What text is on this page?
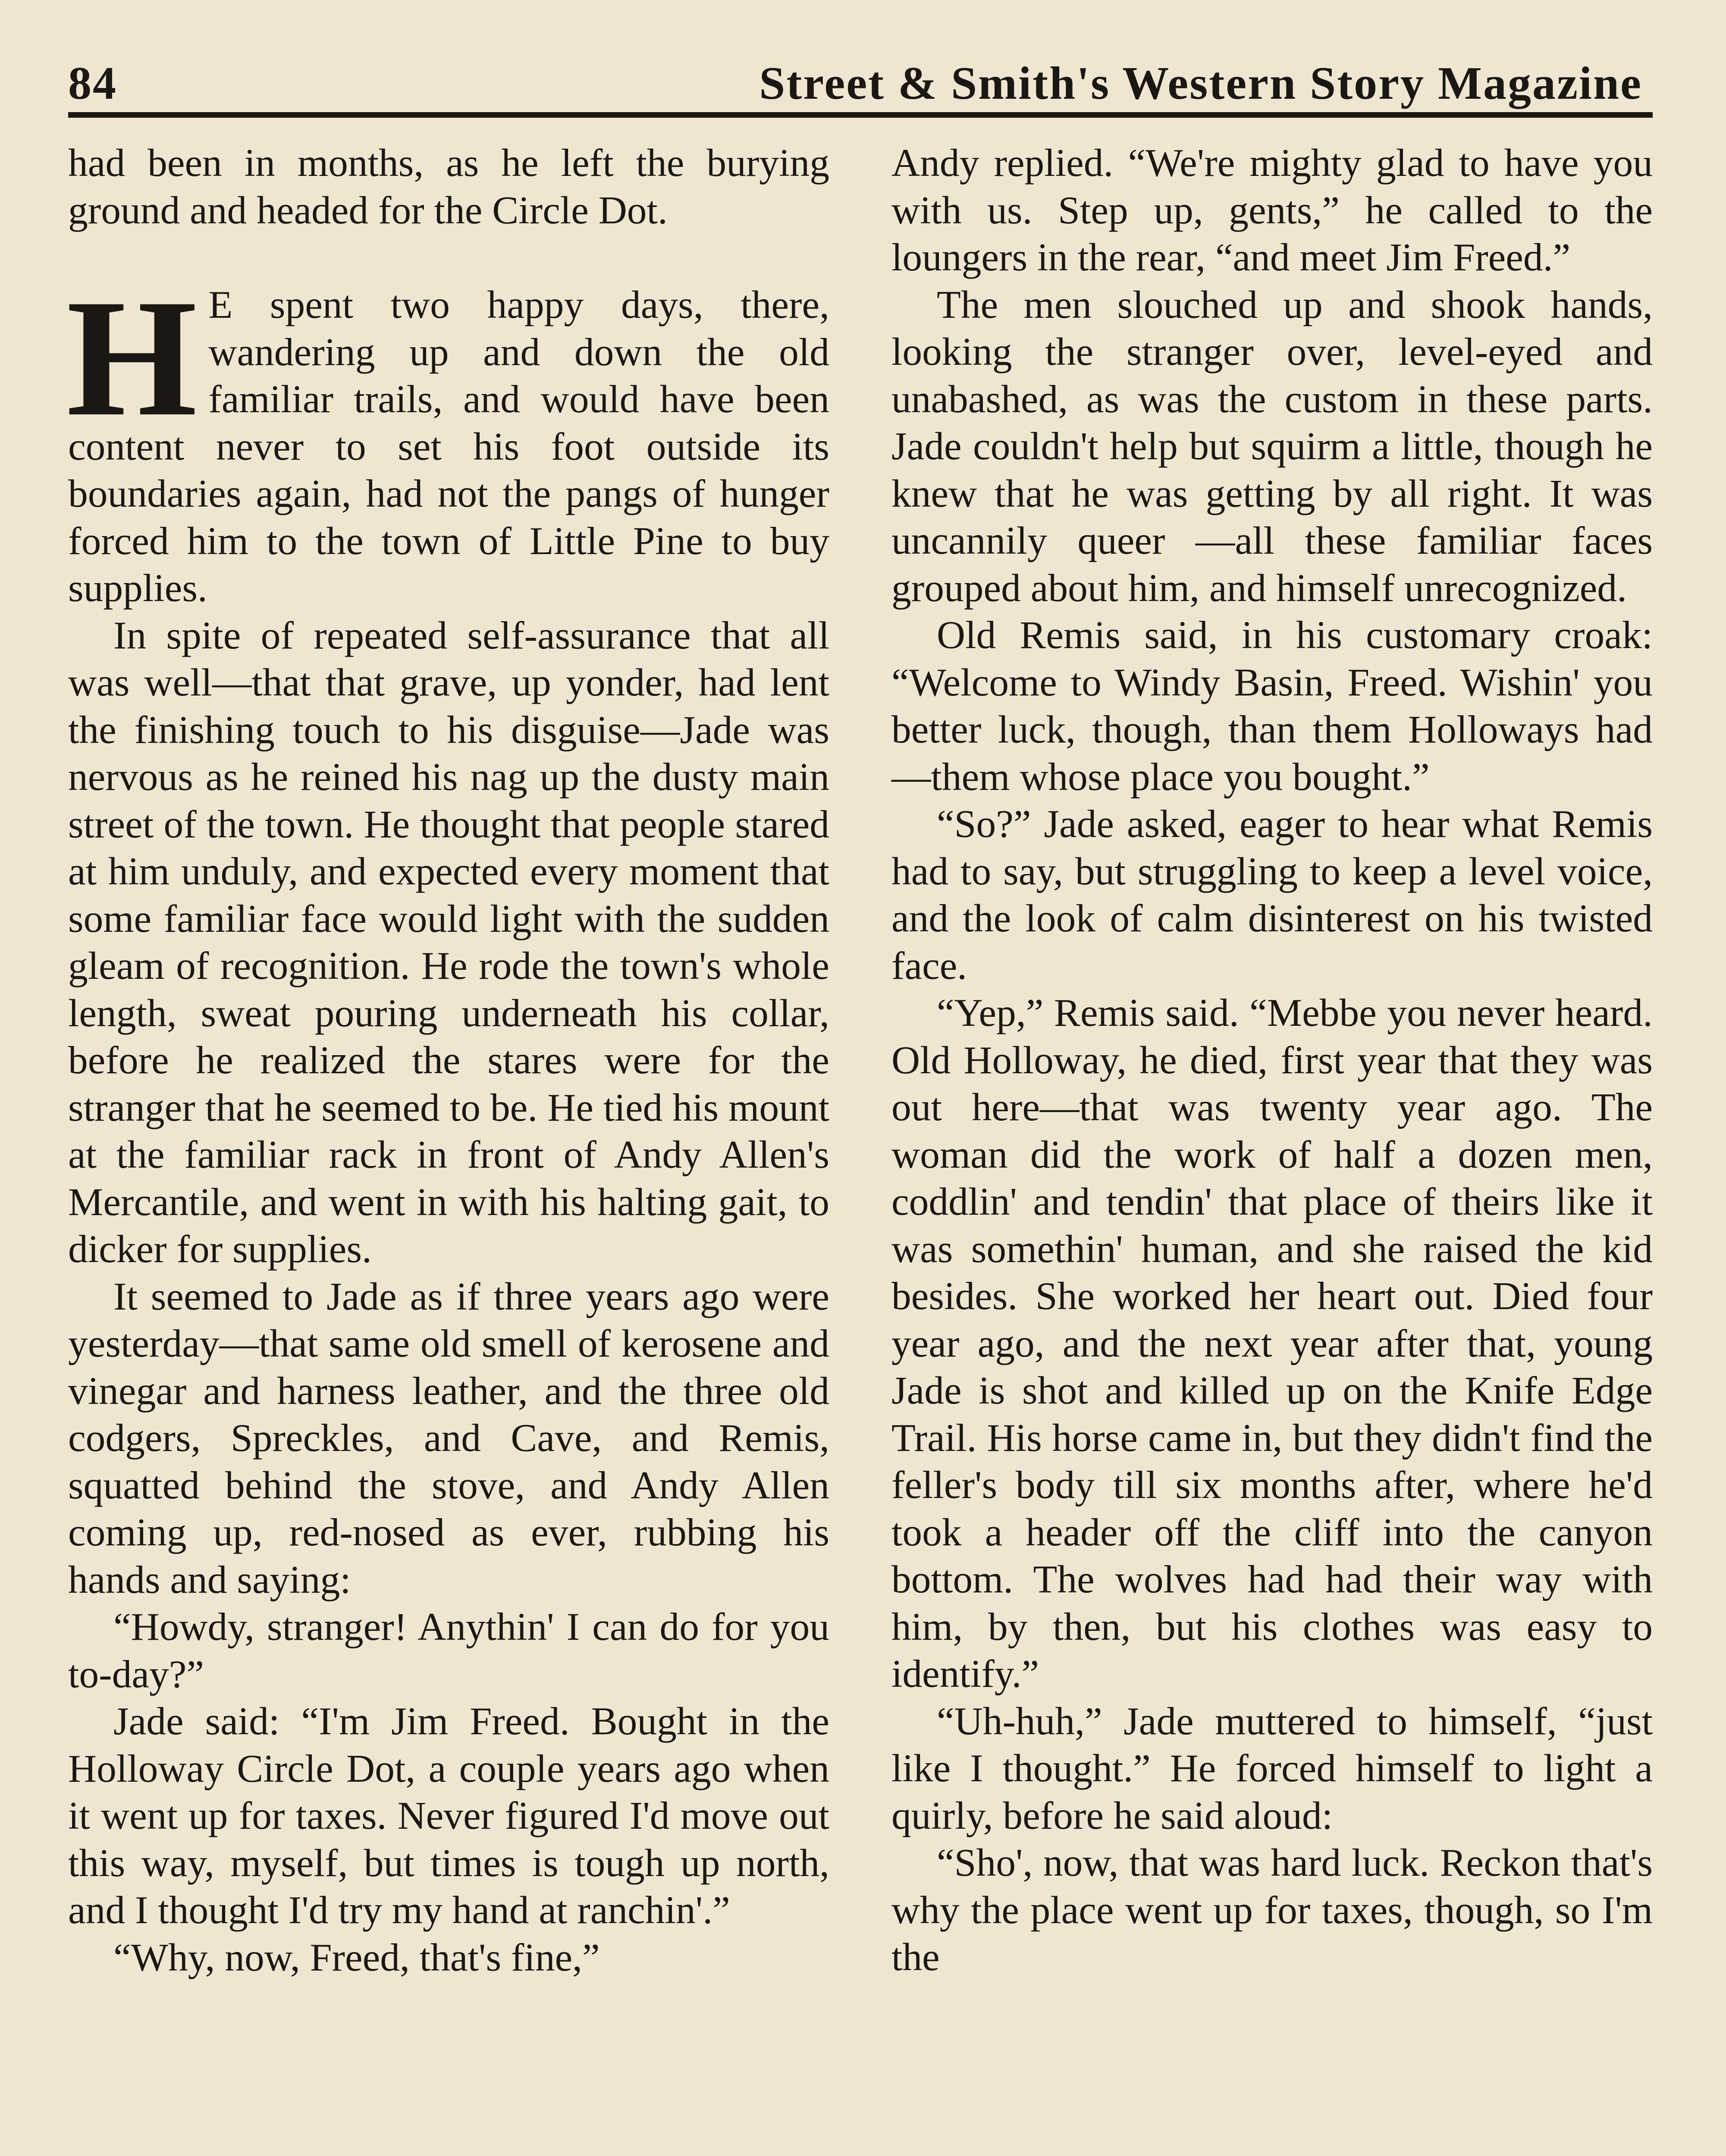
84	Street & Smith's Western Story Magazine

had been in months, as he left the burying ground and headed for the Circle Dot.

H E spent two happy days, there, wandering up and down the old familiar trails, and would have been content never to set his foot outside its boundaries again, had not the pangs of hunger forced him to the town of Little Pine to buy supplies.

In spite of repeated self-assurance that all was well—that that grave, up yonder, had lent the finishing touch to his disguise—Jade was nervous as he reined his nag up the dusty main street of the town. He thought that people stared at him unduly, and expected every moment that some familiar face would light with the sudden gleam of recognition. He rode the town's whole length, sweat pouring underneath his collar, before he realized the stares were for the stranger that he seemed to be. He tied his mount at the familiar rack in front of Andy Allen's Mercantile, and went in with his halting gait, to dicker for supplies.

It seemed to Jade as if three years ago were yesterday—that same old smell of kerosene and vinegar and harness leather, and the three old codgers, Spreckles, and Cave, and Remis, squatted behind the stove, and Andy Allen coming up, red-nosed as ever, rubbing his hands and saying:

“Howdy, stranger! Anythin' I can do for you to-day?”

Jade said: “I'm Jim Freed. Bought in the Holloway Circle Dot, a couple years ago when it went up for taxes. Never figured I'd move out this way, myself, but times is tough up north, and I thought I'd try my hand at ranchin'.”

“Why, now, Freed, that's fine,”

Andy replied. “We're mighty glad to have you with us. Step up, gents,” he called to the loungers in the rear, “and meet Jim Freed.”

The men slouched up and shook hands, looking the stranger over, level-eyed and unabashed, as was the custom in these parts. Jade couldn't help but squirm a little, though he knew that he was getting by all right. It was uncannily queer —all these familiar faces grouped about him, and himself unrecognized.

Old Remis said, in his customary croak: “Welcome to Windy Basin, Freed. Wishin' you better luck, though, than them Holloways had —them whose place you bought.”

“So?” Jade asked, eager to hear what Remis had to say, but struggling to keep a level voice, and the look of calm disinterest on his twisted face.

“Yep,” Remis said. “Mebbe you never heard. Old Holloway, he died, first year that they was out here—that was twenty year ago. The woman did the work of half a dozen men, coddlin' and tendin' that place of theirs like it was somethin' human, and she raised the kid besides. She worked her heart out. Died four year ago, and the next year after that, young Jade is shot and killed up on the Knife Edge Trail. His horse came in, but they didn't find the feller's body till six months after, where he'd took a header off the cliff into the canyon bottom. The wolves had had their way with him, by then, but his clothes was easy to identify.”

“Uh-huh,” Jade muttered to himself, “just like I thought.” He forced himself to light a quirly, before he said aloud:

“Sho', now, that was hard luck. Reckon that's why the place went up for taxes, though, so I'm the
